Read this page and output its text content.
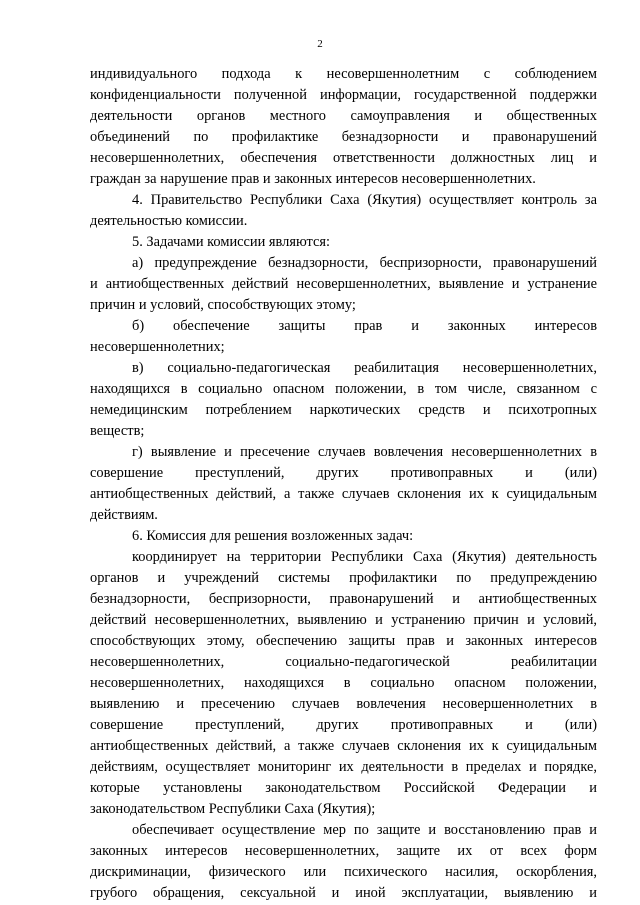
2
индивидуального подхода к несовершеннолетним с соблюдением
конфиденциальности полученной информации, государственной поддержки
деятельности органов местного самоуправления и общественных
объединений по профилактике безнадзорности и правонарушений
несовершеннолетних, обеспечения ответственности должностных лиц и
граждан за нарушение прав и законных интересов несовершеннолетних.
4. Правительство Республики Саха (Якутия) осуществляет контроль за
деятельностью комиссии.
5. Задачами комиссии являются:
а) предупреждение безнадзорности, беспризорности, правонарушений
и антиобщественных действий несовершеннолетних, выявление и устранение
причин и условий, способствующих этому;
б) обеспечение защиты прав и законных интересов
несовершеннолетних;
в) социально-педагогическая реабилитация несовершеннолетних,
находящихся в социально опасном положении, в том числе, связанном с
немедицинским потреблением наркотических средств и психотропных
веществ;
г) выявление и пресечение случаев вовлечения несовершеннолетних в
совершение преступлений, других противоправных и (или)
антиобщественных действий, а также случаев склонения их к суицидальным
действиям.
6. Комиссия для решения возложенных задач:
координирует на территории Республики Саха (Якутия) деятельность
органов и учреждений системы профилактики по предупреждению
безнадзорности, беспризорности, правонарушений и антиобщественных
действий несовершеннолетних, выявлению и устранению причин и условий,
способствующих этому, обеспечению защиты прав и законных интересов
несовершеннолетних, социально-педагогической реабилитации
несовершеннолетних, находящихся в социально опасном положении,
выявлению и пресечению случаев вовлечения несовершеннолетних в
совершение преступлений, других противоправных и (или)
антиобщественных действий, а также случаев склонения их к суицидальным
действиям, осуществляет мониторинг их деятельности в пределах и порядке,
которые установлены законодательством Российской Федерации и
законодательством Республики Саха (Якутия);
обеспечивает осуществление мер по защите и восстановлению прав и
законных интересов несовершеннолетних, защите их от всех форм
дискриминации, физического или психического насилия, оскорбления,
грубого обращения, сексуальной и иной эксплуатации, выявлению и
